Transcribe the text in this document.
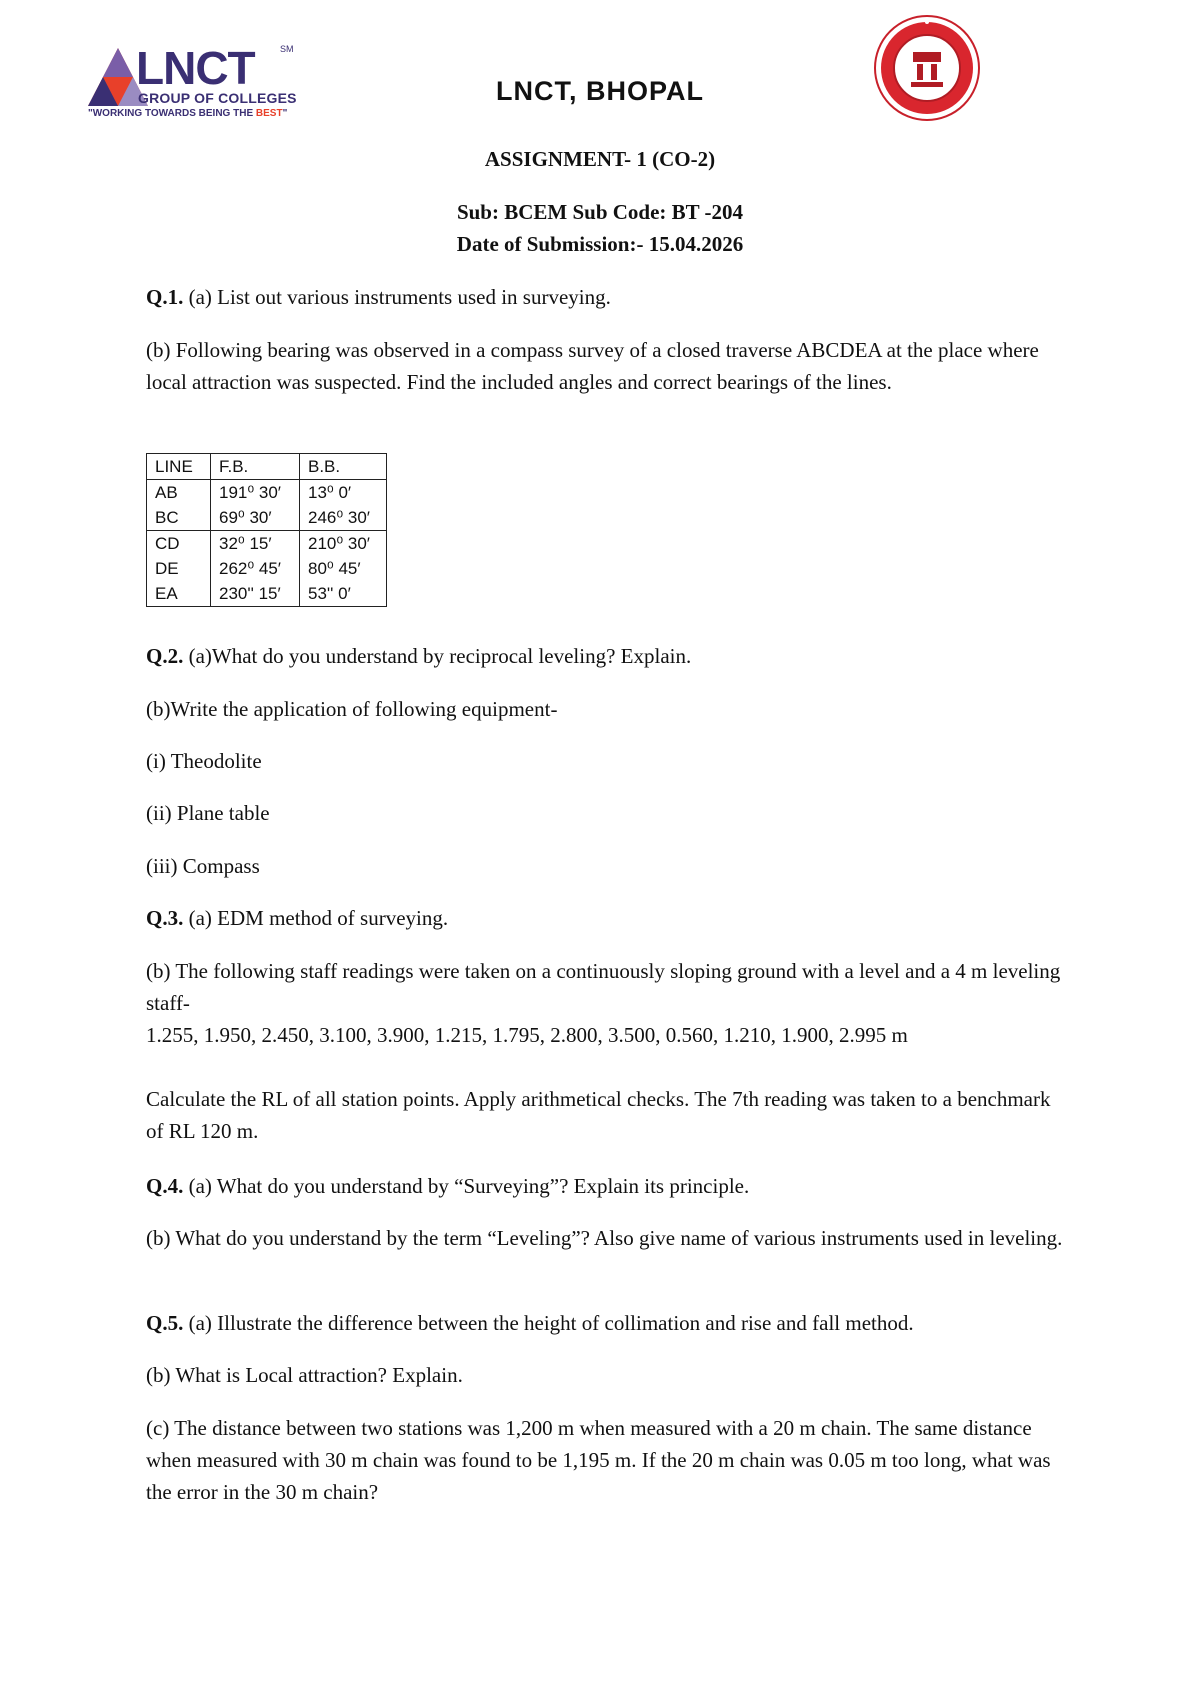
LNCT	SM
GROUP OF COLLEGES
"WORKING TOWARDS BEING THE BEST"
LNCT, BHOPAL
ASSIGNMENT- 1 (CO-2)
Sub: BCEM Sub Code: BT -204
Date of Submission:- 15.04.2026
Q.1. (a) List out various instruments used in surveying.
(b) Following bearing was observed in a compass survey of a closed traverse ABCDEA at the place where local attraction was suspected. Find the included angles and correct bearings of the lines.
LINE	F.B.	B.B.
AB	191⁰ 30′	13⁰ 0′
BC	69⁰ 30′	246⁰ 30′
CD	32⁰ 15′	210⁰ 30′
DE	262⁰ 45′	80⁰ 45′
EA	230'' 15′	53'' 0′
Q.2. (a)What do you understand by reciprocal leveling? Explain.
(b)Write the application of following equipment-
(i) Theodolite
(ii) Plane table
(iii) Compass
Q.3. (a) EDM method of surveying.
(b) The following staff readings were taken on a continuously sloping ground with a level and a 4 m leveling staff-
1.255, 1.950, 2.450, 3.100, 3.900, 1.215, 1.795, 2.800, 3.500, 0.560, 1.210, 1.900, 2.995 m
Calculate the RL of all station points. Apply arithmetical checks. The 7th reading was taken to a benchmark of RL 120 m.
Q.4. (a) What do you understand by “Surveying”? Explain its principle.
(b) What do you understand by the term “Leveling”? Also give name of various instruments used in leveling.
Q.5. (a) Illustrate the difference between the height of collimation and rise and fall method.
(b) What is Local attraction? Explain.
(c) The distance between two stations was 1,200 m when measured with a 20 m chain. The same distance when measured with 30 m chain was found to be 1,195 m. If the 20 m chain was 0.05 m too long, what was the error in the 30 m chain?
